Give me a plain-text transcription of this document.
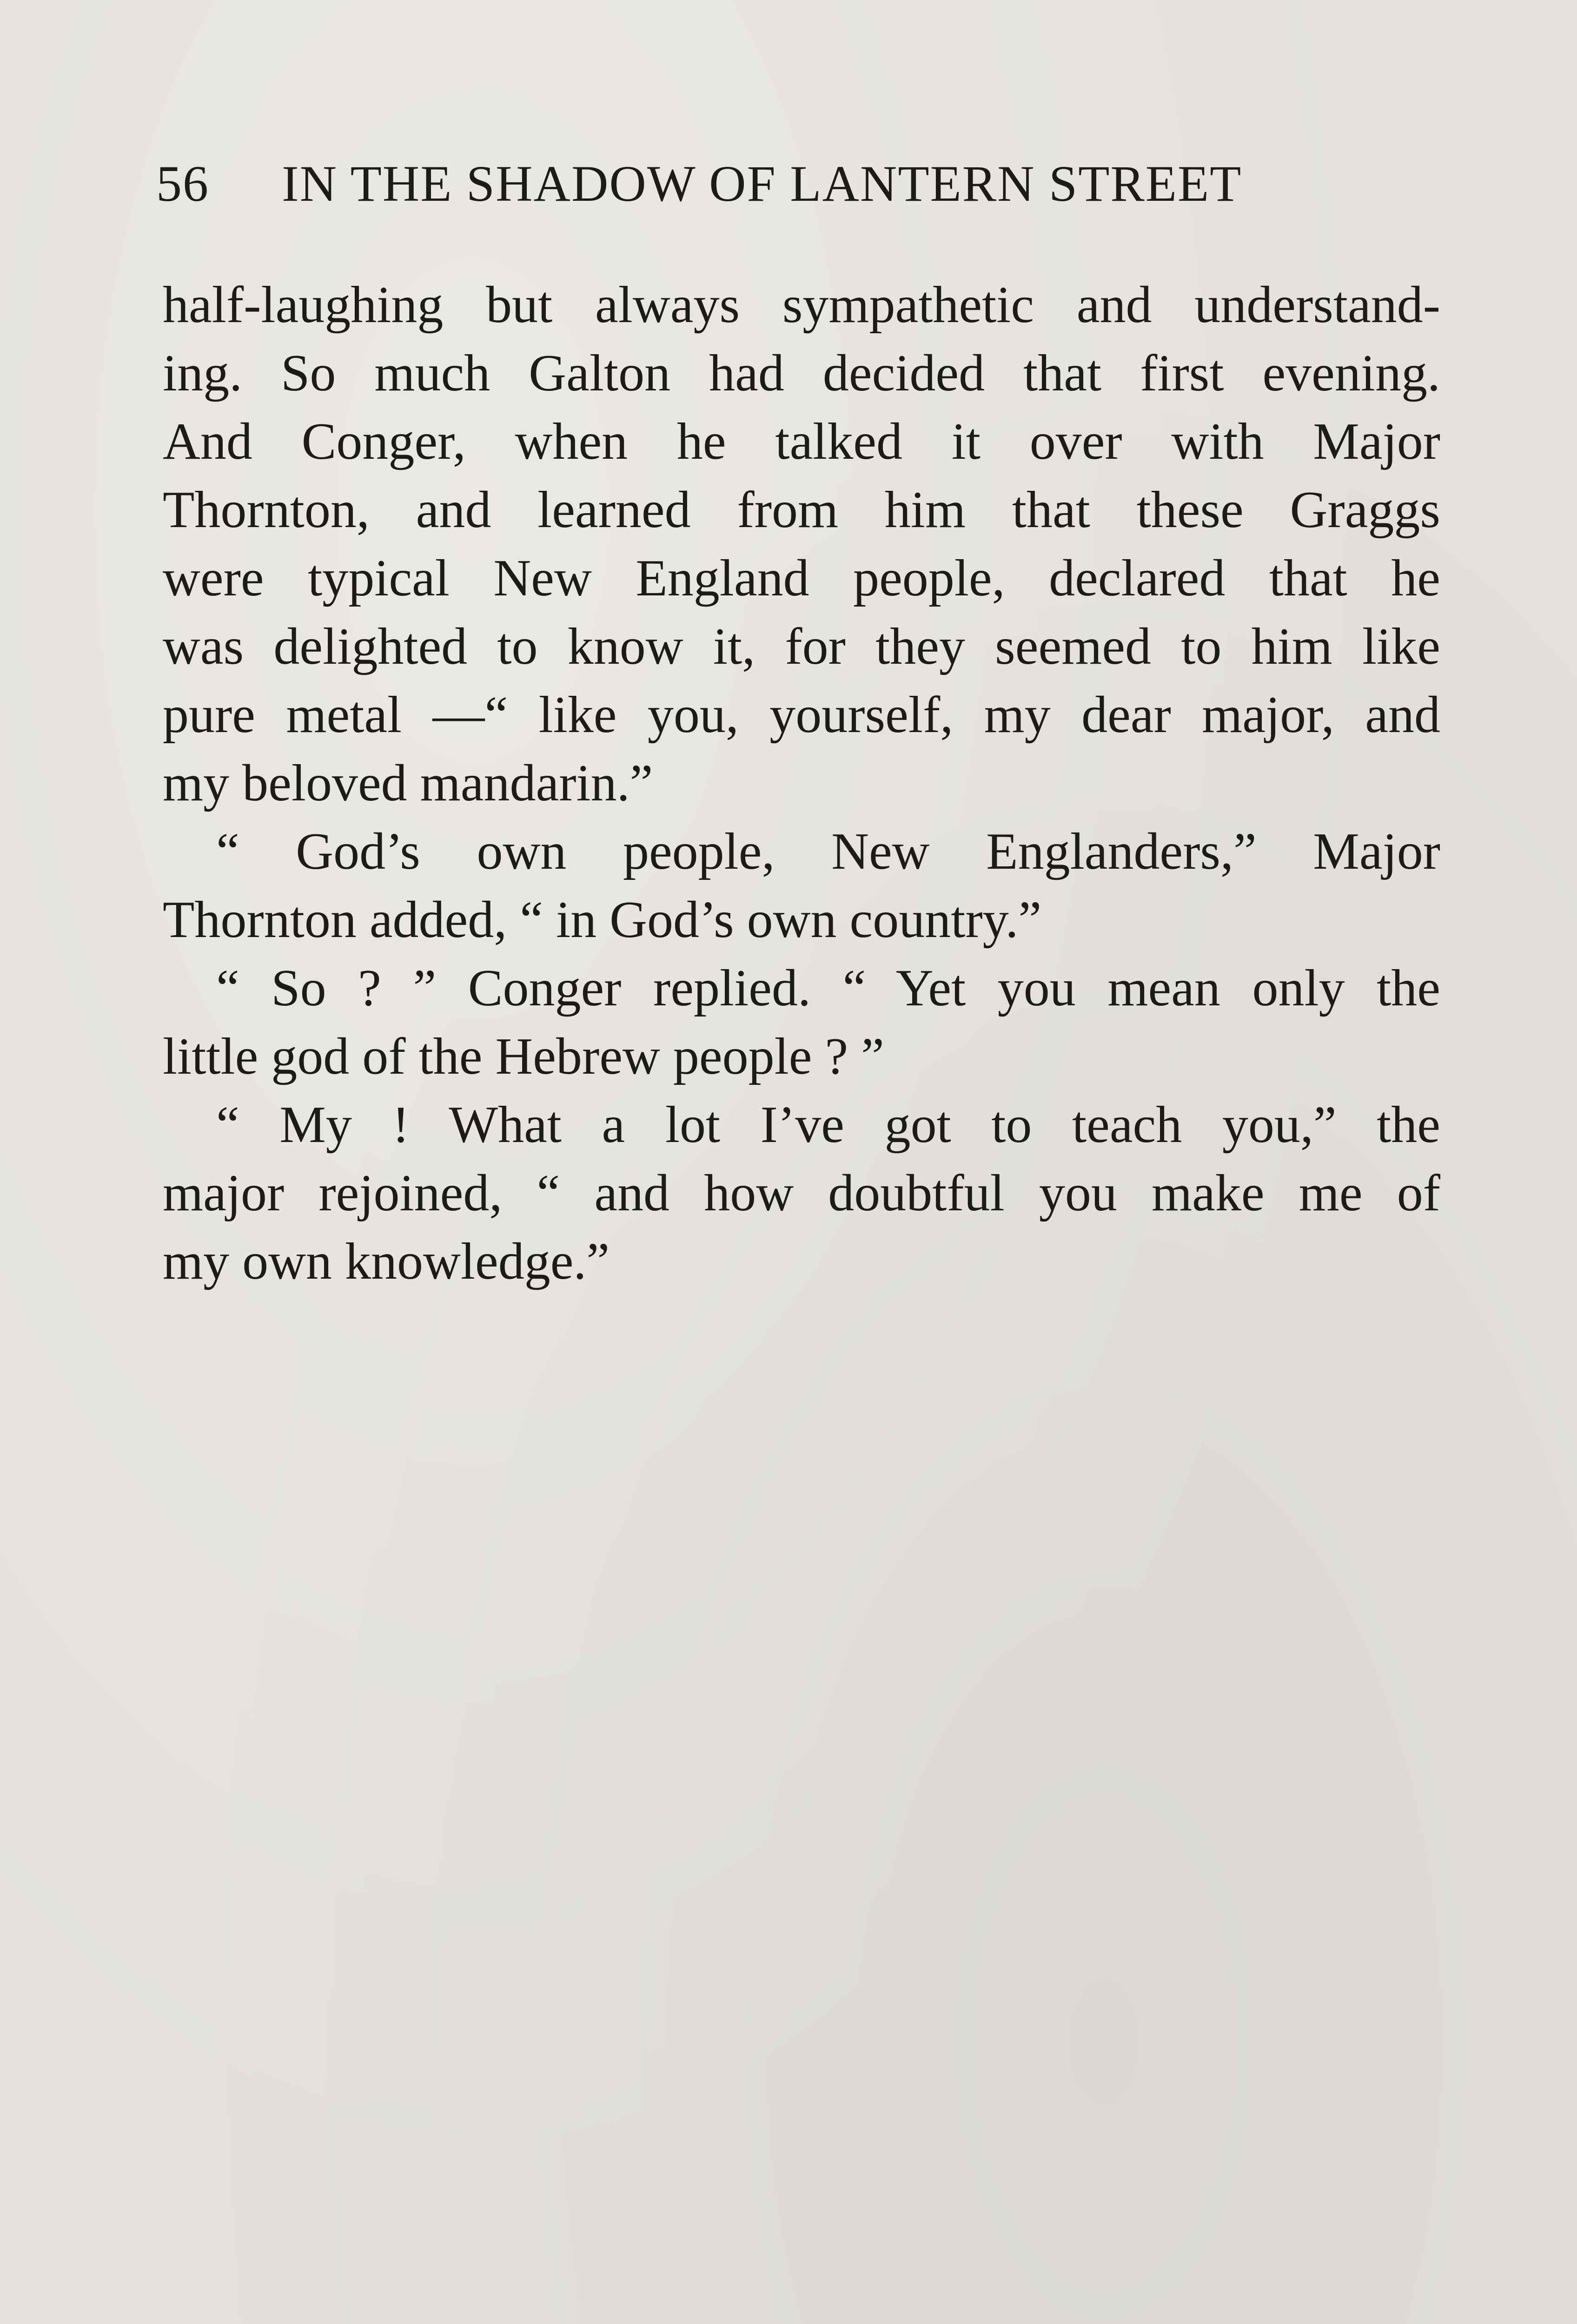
56 IN THE SHADOW OF LANTERN STREET
half-laughing but always sympathetic and understand-
ing. So much Galton had decided that first evening.
And Conger, when he talked it over with Major
Thornton, and learned from him that these Graggs
were typical New England people, declared that he
was delighted to know it, for they seemed to him like
pure metal —“ like you, yourself, my dear major, and
my beloved mandarin.”
“ God’s own people, New Englanders,” Major
Thornton added, “ in God’s own country.”
“ So ? ” Conger replied. “ Yet you mean only the
little god of the Hebrew people ? ”
“ My ! What a lot I’ve got to teach you,” the
major rejoined, “ and how doubtful you make me of
my own knowledge.”
